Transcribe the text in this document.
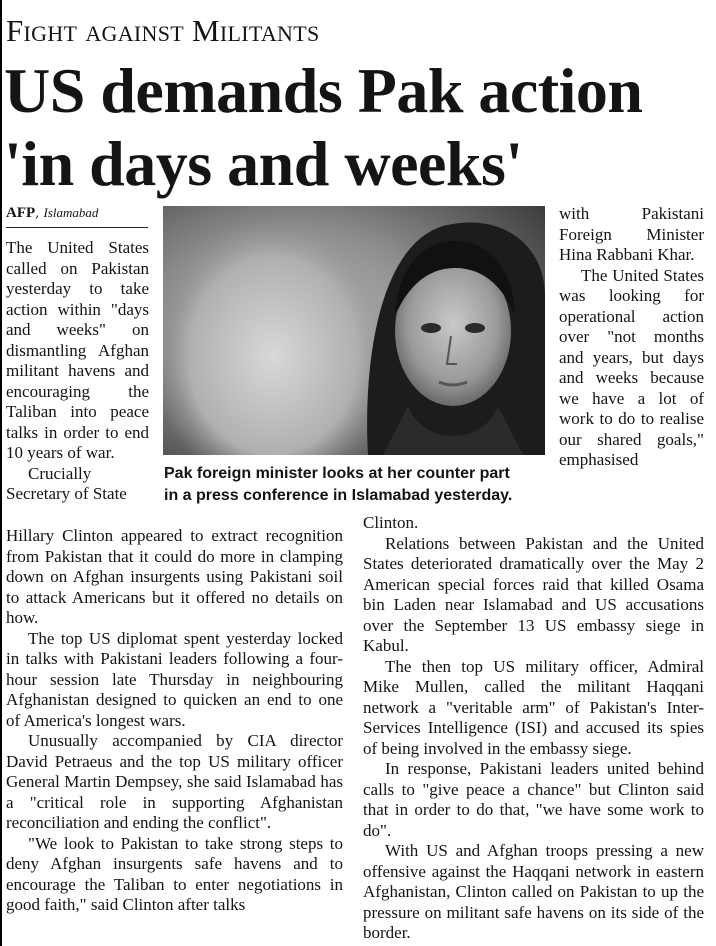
Fight against Militants
US demands Pak action
'in days and weeks'
AFP, Islamabad

The United States called on Pakistan yesterday to take action within "days and weeks" on dismantling Afghan militant havens and encouraging the Taliban into peace talks in order to end 10 years of war.

Crucially

Secretary of State

Pak foreign minister looks at her counter part
in a press conference in Islamabad yesterday.

with Pakistani Foreign Minister Hina Rabbani Khar.

The United States was looking for operational action over "not months and years, but days and weeks because we have a lot of work to do to realise our shared goals," emphasised

Hillary Clinton appeared to extract recognition from Pakistan that it could do more in clamping down on Afghan insurgents using Pakistani soil to attack Americans but it offered no details on how.

The top US diplomat spent yesterday locked in talks with Pakistani leaders following a four-hour session late Thursday in neighbouring Afghanistan designed to quicken an end to one of America's longest wars.

Unusually accompanied by CIA director David Petraeus and the top US military officer General Martin Dempsey, she said Islamabad has a "critical role in supporting Afghanistan reconciliation and ending the conflict".

"We look to Pakistan to take strong steps to deny Afghan insurgents safe havens and to encourage the Taliban to enter negotiations in good faith," said Clinton after talks

Clinton.

Relations between Pakistan and the United States deteriorated dramatically over the May 2 American special forces raid that killed Osama bin Laden near Islamabad and US accusations over the September 13 US embassy siege in Kabul.

The then top US military officer, Admiral Mike Mullen, called the militant Haqqani network a "veritable arm" of Pakistan's Inter-Services Intelligence (ISI) and accused its spies of being involved in the embassy siege.

In response, Pakistani leaders united behind calls to "give peace a chance" but Clinton said that in order to do that, "we have some work to do".

With US and Afghan troops pressing a new offensive against the Haqqani network in eastern Afghanistan, Clinton called on Pakistan to up the pressure on militant safe havens on its side of the border.
